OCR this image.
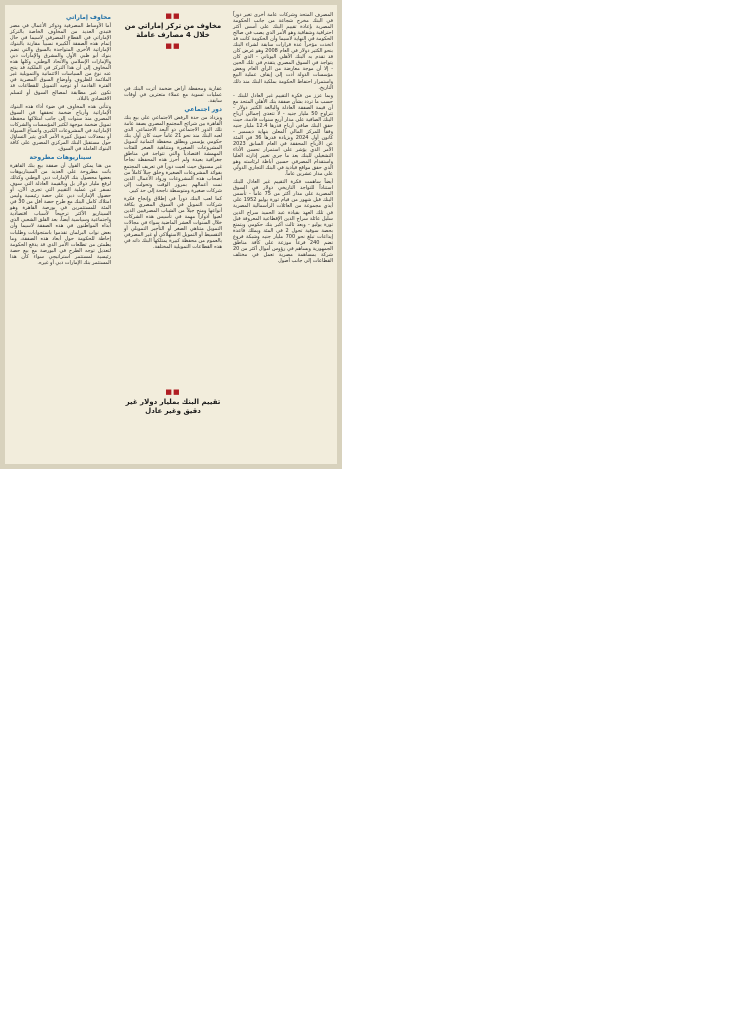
المصرف المتحد وشركات عامة أخرى تغير دوراً في البنك مخرج شجاعة من جانب الحكومة المصرية بإعادة تقييم البنك على أسس أكثر احترافية وشفافية وهو الأمر الذي يصب في صالح الحكومة في النهاية لاسيما وأن الحكومة كانت قد اتخذت مؤخراً عدة قرارات سابقة لشراء البنك بنحو الكثير دولار في العام 2008 وهو عرض كان قد تقدم به البنك الأهلي اليوناني - الذي كان يتواجد في السوق المصري يتقدم في تلك الحين - إلا أن موجة معارضة من الرأي العام وبعض مؤسسات الدولة أدت إلى إيقاف عملية البيع واستمرار احتفاظ الحكومة بملكية البنك منذ ذلك التاريخ.

وبما عزز من فكرة التقييم غير العادل للبنك - حسب ما تردد بشأن صفقة بنك الأهلي المتحد مع أن قيمة الصفقة العادلة والبالغة الكثير دولار - تتراوح 50 مليار جنيه - لا تتعدى إجمالي أرباح البنك الصافية على مدار أربع سنوات قادمة، حيث حقق البنك صافي أرباح قدرها 12.4 مليار جنيه وفقاً للمركز المالي المعلن بنهاية ديسمبر - كانون أول 2024 وبزيادة قدرها 36 في المئة عن الأرباح المحققة في العام السابق 2023 الأمر الذي يؤشر على استمرار تحسن الأداء التشغيلي للبنك بعد ما جرى تغيير إدارته العليا واستقدام المصرفي حسين أباظة لرئاسته وهو الذي حقق مواقع قيادية في البنك التجاري الدولي على مدار عشرين عاماً.

أيضاً ساهمت فكرة التقييم غير العادل للبنك استناداً للتواجد التاريخي دولار في السوق المصرية على مدار أكثر من 75 عاماً - تأسس البنك قبل شهور من قيام ثورة يوليو 1952 على أيدي مجموعة من العائلات الرأسمالية المصرية في تلك العهد بقيادة عبد الحميد سراج الدين سليل عائلة سراج الدين الإقطاعية المعروفة قبل ثورة يوليو - ويعد ثالث أكبر بنك حكومي ويتمتع بحصة سوقية تحول 2 في المئة ويملك قاعدة إيداعات تبلغ نحو 700 مليار جنيه وشبكة فروع تضم 240 فرعاً موزعة على كافة مناطق الجمهورية ويساهم في رؤوس أموال أكثر من 20 شركة بمساهمة مصرية تعمل في مختلف القطاعات إلى جانب أصول

■■
مخاوف من تركز إماراتي من خلال 4 مصارف عاملة
■■

عقارية ومحفظة أراض ضخمة أثرت البنك في عمليات تسوية مع عملاء متعثرين في أوقات سابقة.

دور اجتماعي

ويزداد من حدة الرفض الاجتماعي على بيع بنك القاهرة بين شرائح المجتمع المصري بصفة عامة تلك الدور الاجتماعي ذو البعد الاجتماعي الذي لعبه البنك منذ نحو 21 عاماً حيث كان أول بنك حكومي يؤسس ويطلق محفظة ائتمانية لتمويل المشروعات الصغيرة ومتناهية الصغر للفئات المهمشة اقتصادياً والتي تتواجد في مناطق جغرافية بعيدة ولم أحرز هذه المحفظة نجاحاً غير مسبوق حيث لعبت دوراً في تعريف المجتمع بفوائد المشروعات الصغيرة وخلق جيلاً كاملاً من أصحاب هذه المشروعات ورواد الأعمال الذين نمت أعمالهم بمرور الوقت وتحولت إلى شركات صغيرة ومتوسطة ناجحة إلى حد كبير.

كما لعب البنك دوراً في إطلاق وإنجاح فكرة شركات التمويل في السوق المصري بكافة أنواعها ومنح جيلاً من الشباب المصرفيين الذين لعبوا أدواراً مهمة في تأسيس هذه الشركات خلال السنوات العشر الماضية سواء في مجالات التمويل متناهي الصغر أو التأجير التمويلي أو التقسيط أو التمويل الاستهلاكي أو غير المصرفي بالعموم من محفظة كبيرة يمتلكها البنك ذاته في هذه القطاعات التمويلية المختلفة.

■■
تقييم البنك بمليار دولار غير دقيق وغير عادل
مخاوف إماراتي

أما الأوساط المصرفية ودوائر الأعمال في مصر فتبدي العديد من المخاوف الخاصة بالتركز الإماراتي في القطاع المصرفي لاسيما في حال إتمام هذه الصفقة الكبيرة نسبياً مقارنة بالبنوك الإماراتية الأخرى المتواجدة بالسوق والتي تضم بنوك أبو ظبي الأول والمشرق والإمارات دبي والإمارات الإسلامي والاتحاد الوطني، وكلها هذه المخاوف إلى أن هذا التركز في الملكية قد ينتج عنه نوع من السياسات الائتمانية والتمويلية غير الملائمة للظروف وأوضاع السوق المصرية في الفترة القادمة أو توجيه التمويل للقطاعات قد تكون غير مطابقة لمصالح السوق أو لتسلم الاقتصادي بالبلاد.

وتتأتى هذه المخاوف في ضوء أداء هذه البنوك الإماراتية وأرباح ضخمة تحققها في السوق المصري منذ سنوات إلى جانب امتلاكها محفظة تمويل ضخمة موجهة لكثير المؤسسات والشركات الإماراتية في المشروعات الكبرى واتساع السيولة أو بمعدلات تمويل كبيرة الأمر الذي يثير التساؤل حول مستقبل البنك المركزي المصري على كافة البنوك العاملة في السوق.

سيناريوهات مطروحة

من هنا يمكن القول أن صفقة بيع بنك القاهرة باتت مطروحة على العديد من السيناريوهات بعضها محصول بنك الإمارات دبي الوطني وكذلك لرفع مليار دولار بل وبالقيمة العادلة التي سوف تسفر عن عملية التقييم التي تجرى الآن، أو حصول الإمارات دبي على حصة رئيسية وليس امتلاك كامل البنك مع طرح حصة أقل من 30 في المئة للمستثمرين في بورصة القاهرة وهو السيناريو الأكثر ترجيحاً لأسباب اقتصادية واجتماعية وسياسية أيضاً، بعد القلق الشعبي الذي أبداه المواطنون في هذه الصفقة لاسيما وأن بعض نواب البرلمان تقدموا باستجوابات وطلبات إحاطة للحكومة حول أبعاد هذه الصفقة، وما يطمئن من تطلعات الأمر الذي قد يدفع الحكومة لتعديل توجه الطرح في البورصة مع بيع حصة رئيسية لمستثمر استراتيجي سواء كان هذا المستثمر بنك الإمارات دبي أو غيره.
